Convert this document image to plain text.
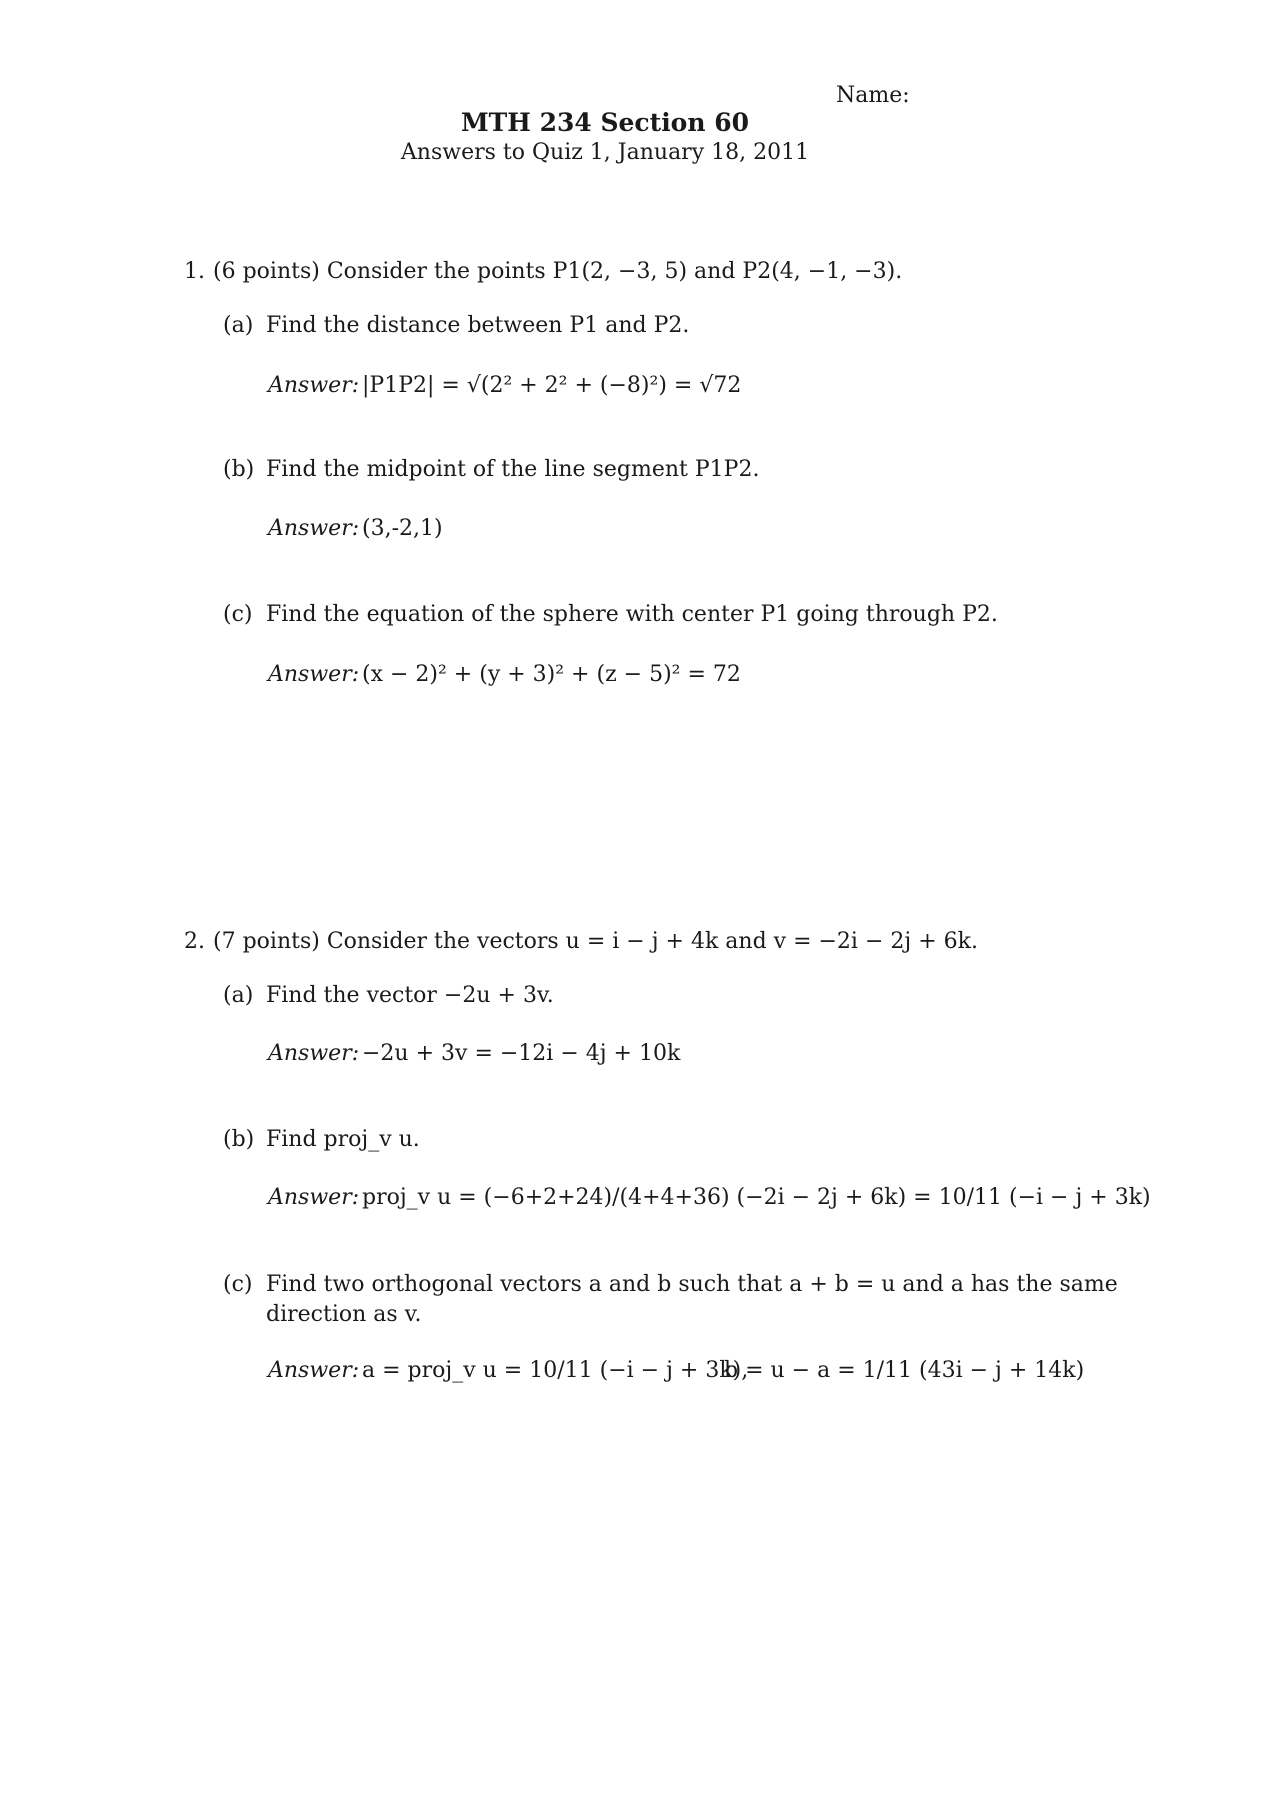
Name:
MTH 234 Section 60
Answers to Quiz 1, January 18, 2011
1. (6 points) Consider the points P1(2, −3, 5) and P2(4, −1, −3).
(a) Find the distance between P1 and P2.
Answer: |P1P2| = √(2² + 2² + (−8)²) = √72
(b) Find the midpoint of the line segment P1P2.
Answer: (3,-2,1)
(c) Find the equation of the sphere with center P1 going through P2.
Answer: (x − 2)² + (y + 3)² + (z − 5)² = 72
2. (7 points) Consider the vectors u = i − j + 4k and v = −2i − 2j + 6k.
(a) Find the vector −2u + 3v.
Answer: −2u + 3v = −12i − 4j + 10k
(b) Find proj_v u.
Answer: proj_v u = (−6+2+24)/(4+4+36) (−2i − 2j + 6k) = 10/11 (−i − j + 3k)
(c) Find two orthogonal vectors a and b such that a + b = u and a has the same
direction as v.
Answer: a = proj_v u = 10/11 (−i − j + 3k),
b = u − a = 1/11 (43i − j + 14k)
